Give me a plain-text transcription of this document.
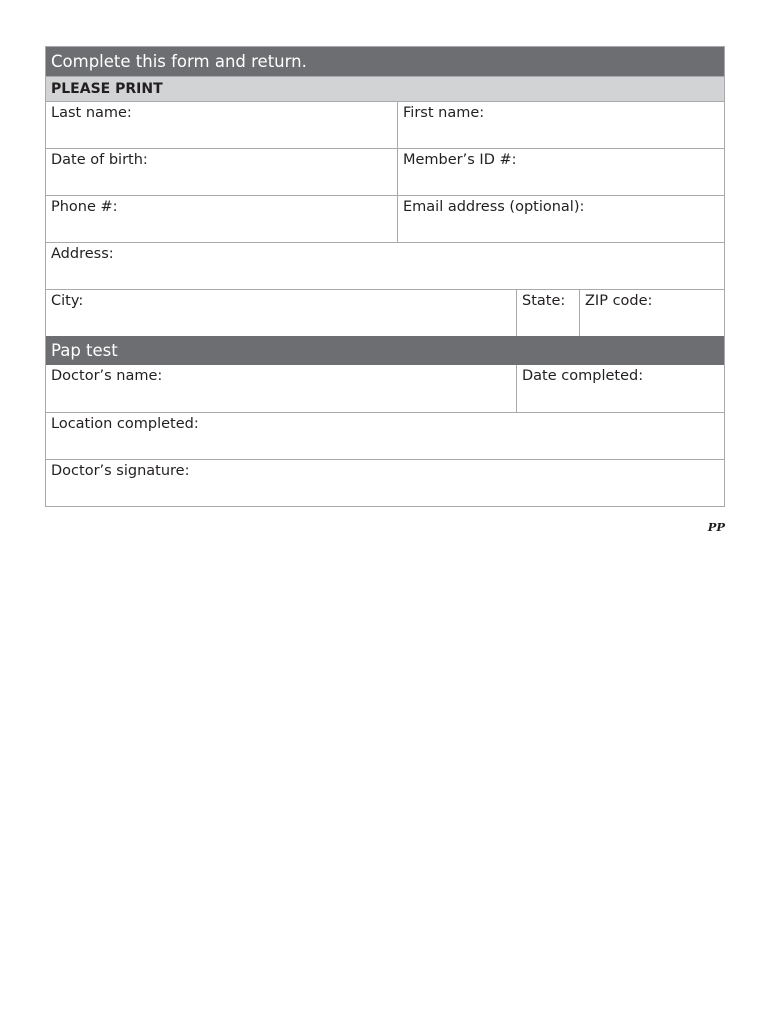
Complete this form and return.
PLEASE PRINT
Last name:	First name:
Date of birth:	Member’s ID #:
Phone #:	Email address (optional):
Address:
City:	State:	ZIP code:
Pap test
Doctor’s name:	Date completed:
Location completed:
Doctor’s signature:
PP
